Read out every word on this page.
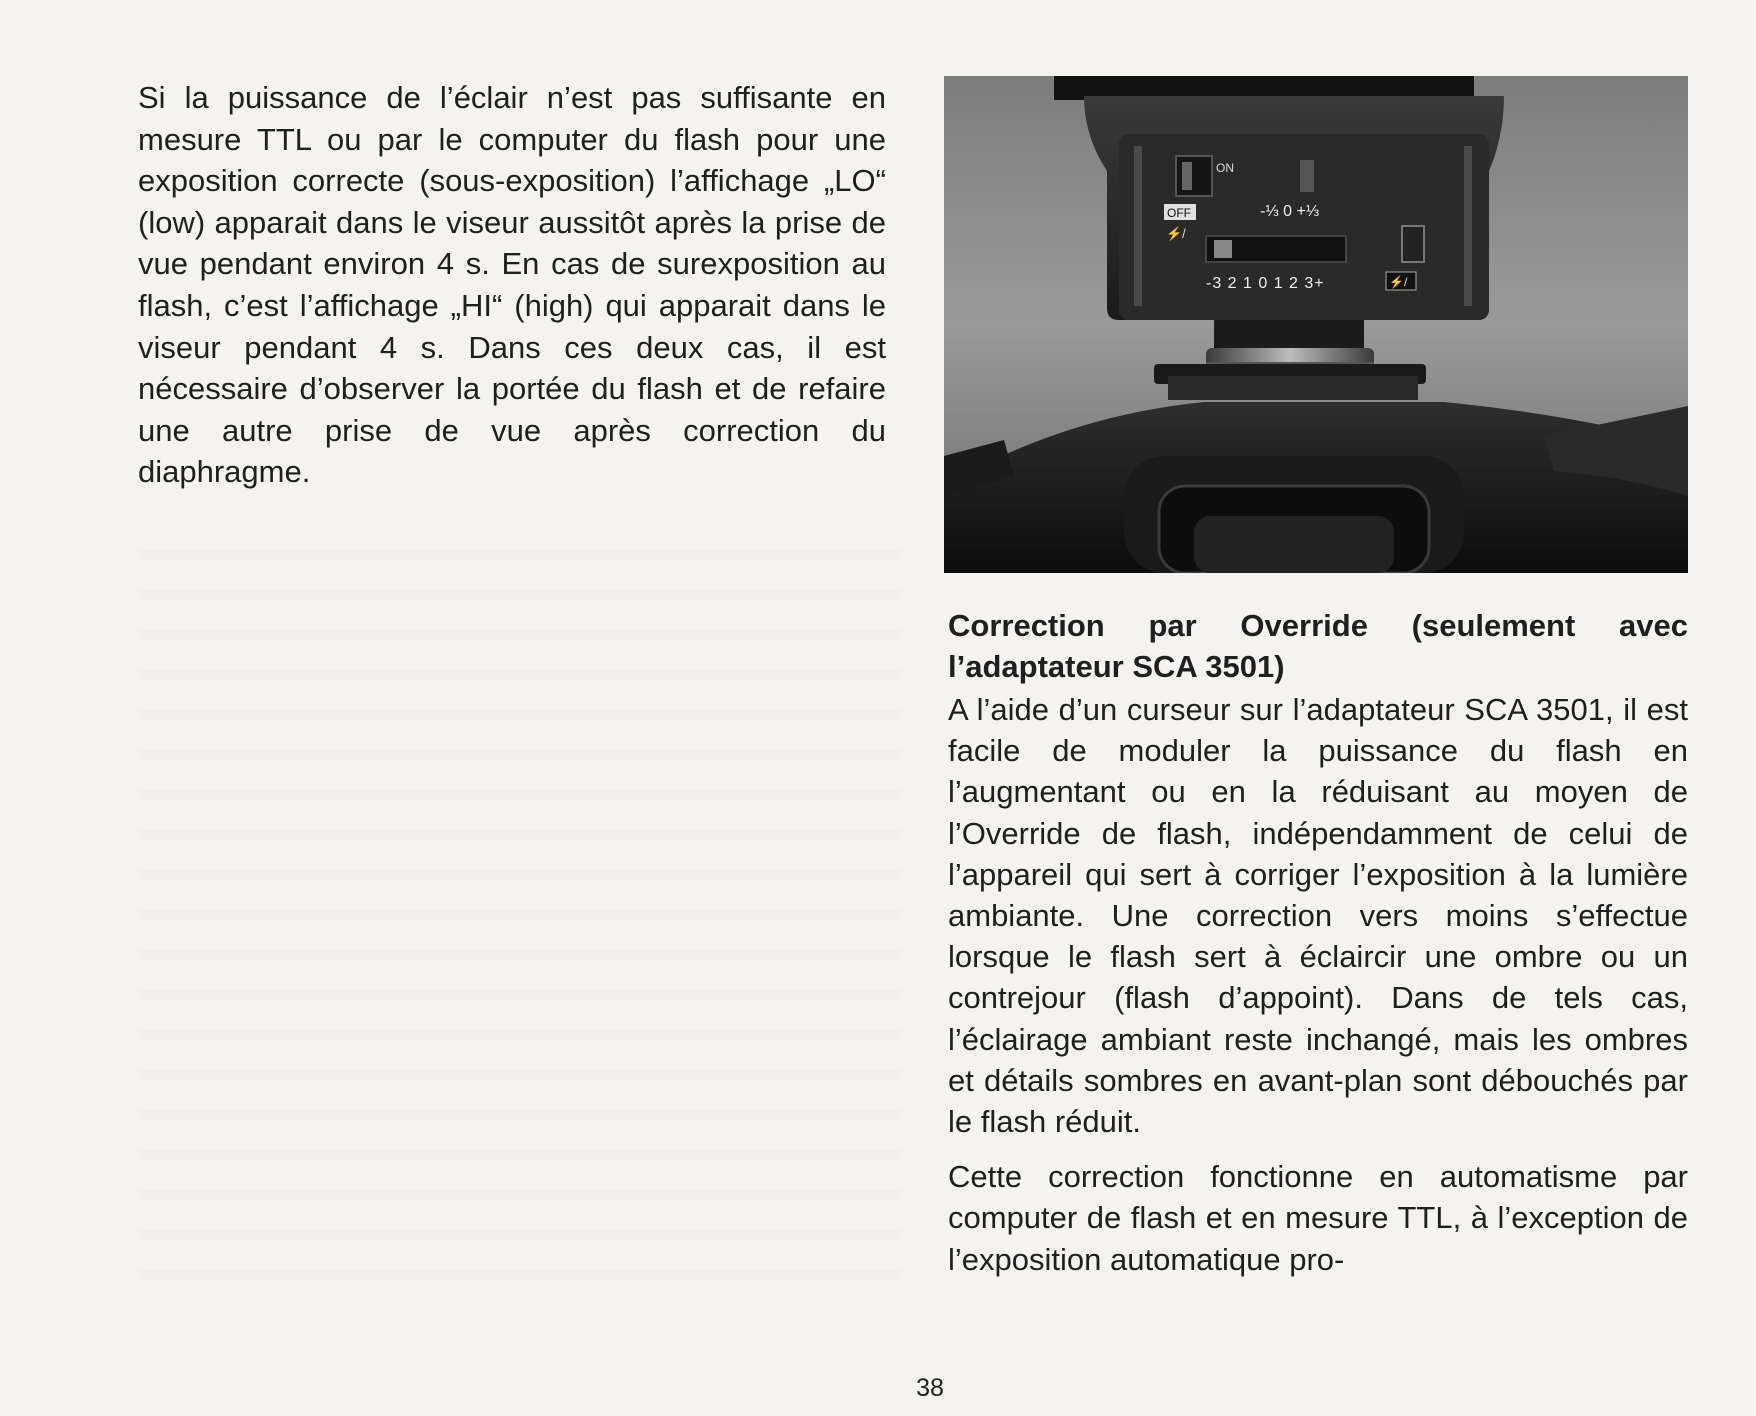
Si la puissance de l’éclair n’est pas suffisante en mesure TTL ou par le computer du flash pour une exposition correcte (sous-exposition) l’affichage „LO“ (low) apparait dans le viseur aussitôt après la prise de vue pendant environ 4 s. En cas de surexposition au flash, c’est l’affichage „HI“ (high) qui apparait dans le viseur pendant 4 s. Dans ces deux cas, il est nécessaire d’observer la portée du flash et de refaire une autre prise de vue après correction du diaphragme.

ON
OFF
⚡/
-⅓ 0 +⅓
-3 2 1 0 1 2 3+	⚡/
Correction par Override (seulement avec l’adaptateur SCA 3501)

A l’aide d’un curseur sur l’adaptateur SCA 3501, il est facile de moduler la puissance du flash en l’augmentant ou en la réduisant au moyen de l’Override de flash, indépendamment de celui de l’appareil qui sert à corriger l’exposition à la lumière ambiante. Une correction vers moins s’effectue lorsque le flash sert à éclaircir une ombre ou un contrejour (flash d’appoint). Dans de tels cas, l’éclairage ambiant reste inchangé, mais les ombres et détails sombres en avant-plan sont débouchés par le flash réduit.

Cette correction fonctionne en automatisme par computer de flash et en mesure TTL, à l’exception de l’exposition automatique pro-

38
